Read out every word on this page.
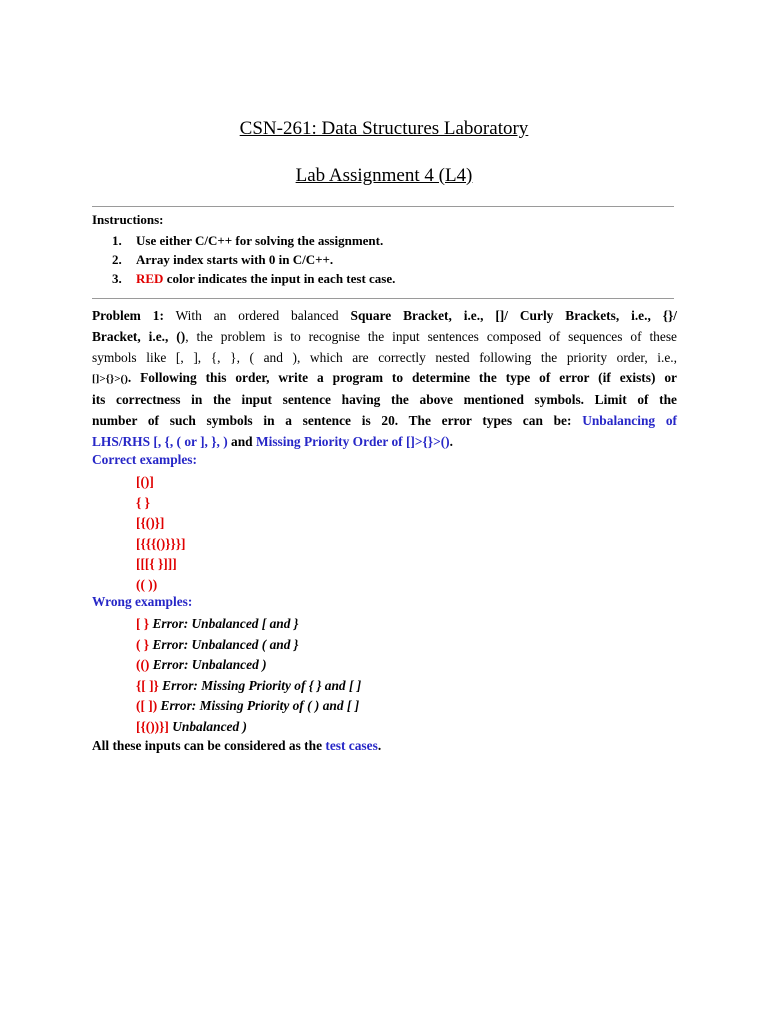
CSN-261: Data Structures Laboratory
Lab Assignment 4 (L4)
Instructions:
1. Use either C/C++ for solving the assignment.
2. Array index starts with 0 in C/C++.
3. RED color indicates the input in each test case.
Problem 1: With an ordered balanced Square Bracket, i.e., []/ Curly Brackets, i.e., {}/
Bracket, i.e., (), the problem is to recognise the input sentences composed of sequences of these
symbols like [, ], {, }, ( and ), which are correctly nested following the priority order, i.e.,
[]>{}>(). Following this order, write a program to determine the type of error (if exists) or
its correctness in the input sentence having the above mentioned symbols. Limit of the
number of such symbols in a sentence is 20. The error types can be: Unbalancing of
LHS/RHS [, {, ( or ], }, ) and Missing Priority Order of []>{}>().
Correct examples:
[()]
{ }
[{()}]
[{{{()}}}]
[[[{ }]]]
(( ))
Wrong examples:
[ } Error: Unbalanced [ and }
( } Error: Unbalanced ( and }
(() Error: Unbalanced )
{[ ]} Error: Missing Priority of { } and [ ]
([ ]) Error: Missing Priority of ( ) and [ ]
[{())}] Unbalanced )
All these inputs can be considered as the test cases.
